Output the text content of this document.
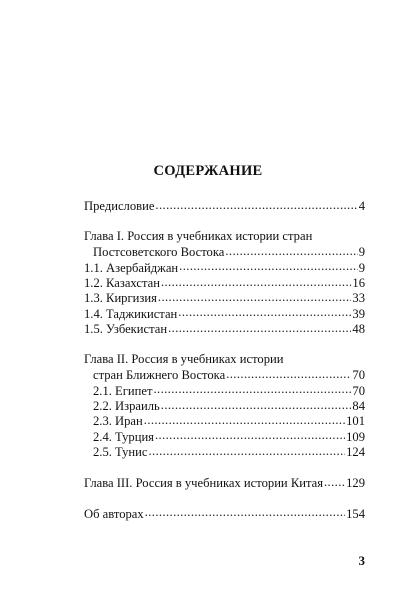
СОДЕРЖАНИЕ
Предисловие .....	4
Глава I. Россия в учебниках истории стран
Постсоветского Востока .....	9
1.1. Азербайджан .....	9
1.2. Казахстан .....	16
1.3. Киргизия .....	33
1.4. Таджикистан .....	39
1.5. Узбекистан .....	48
Глава II. Россия в учебниках истории
стран Ближнего Востока .....	70
2.1. Египет .....	70
2.2. Израиль .....	84
2.3. Иран .....	101
2.4. Турция .....	109
2.5. Тунис .....	124
Глава III. Россия в учебниках истории Китая ..... 129
Об авторах .....	154
3
